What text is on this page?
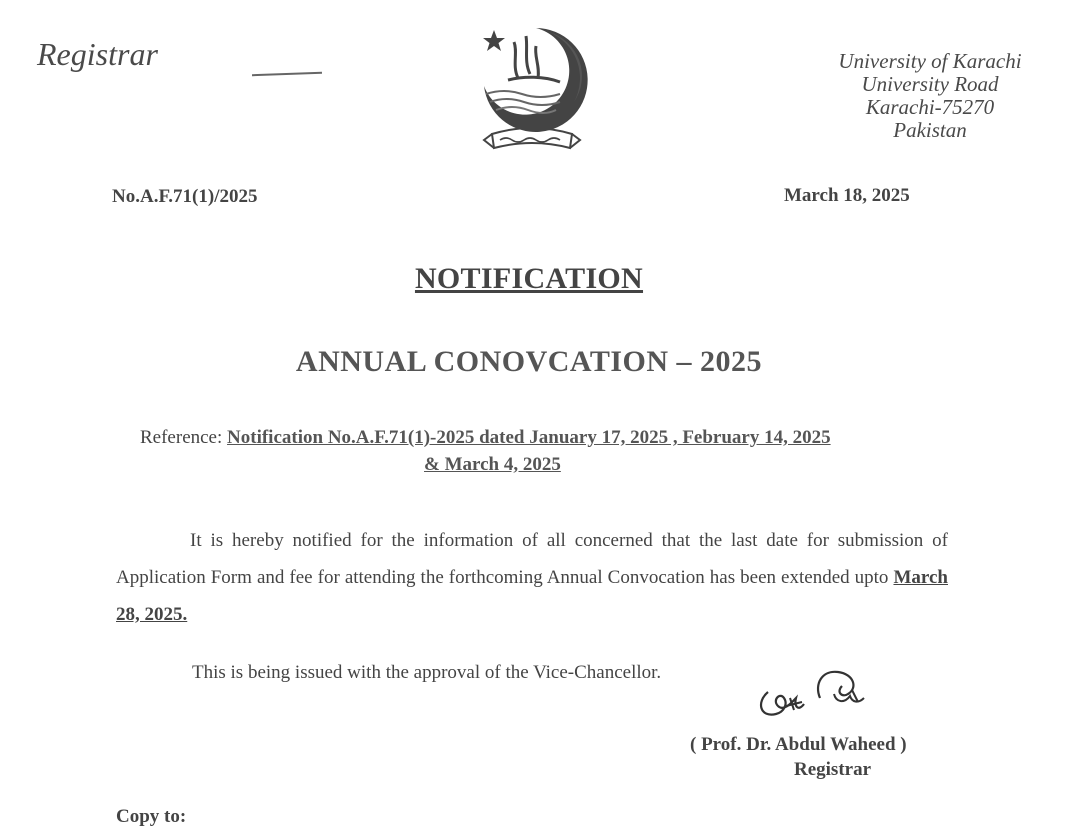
Registrar	University of Karachi
University Road
Karachi-75270
Pakistan
No.A.F.71(1)/2025	March 18, 2025
NOTIFICATION
ANNUAL CONOVCATION – 2025
Reference: Notification No.A.F.71(1)-2025 dated January 17, 2025 , February 14, 2025
& March 4, 2025
It is hereby notified for the information of all concerned that the last date for submission of Application Form and fee for attending the forthcoming Annual Convocation has been extended upto March 28, 2025.
This is being issued with the approval of the Vice-Chancellor.
( Prof. Dr. Abdul Waheed )
Registrar
Copy to:
